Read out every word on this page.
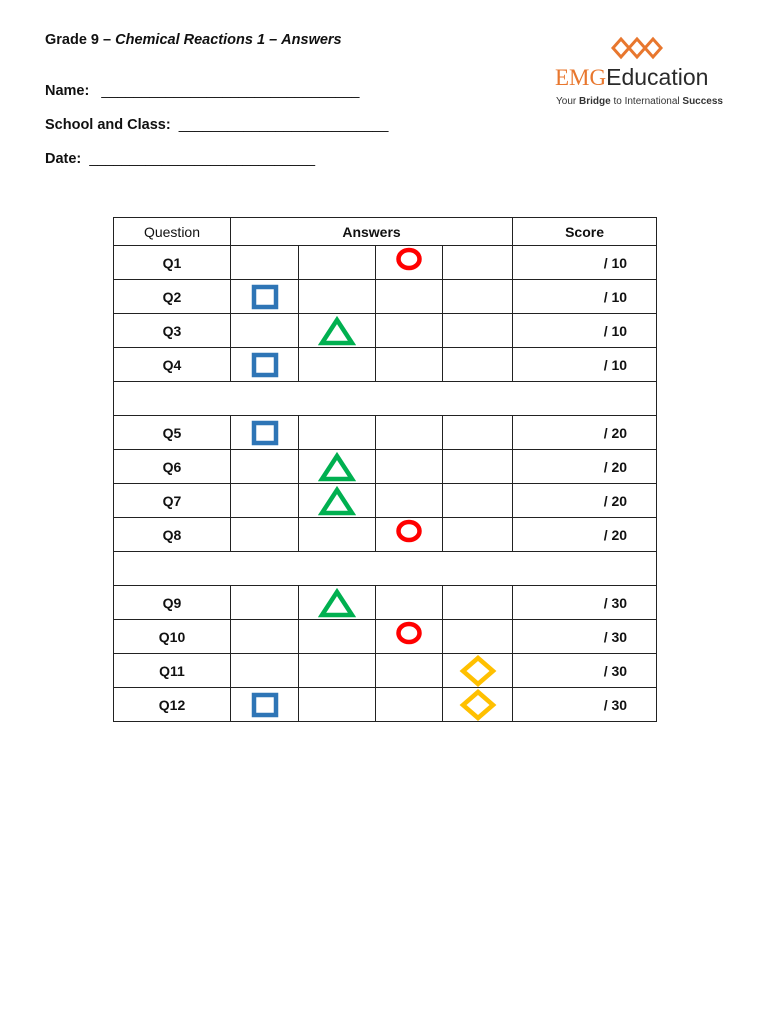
Grade 9 – Chemical Reactions 1 – Answers
Name: ________________________________
School and Class: __________________________
Date: ____________________________
EMGEducation
Your Bridge to International Success
Question	Answers				Score
Q1					/ 10
Q2					/ 10
Q3					/ 10
Q4					/ 10

Q5					/ 20
Q6					/ 20
Q7					/ 20
Q8					/ 20

Q9					/ 30
Q10					/ 30
Q11					/ 30
Q12					/ 30
